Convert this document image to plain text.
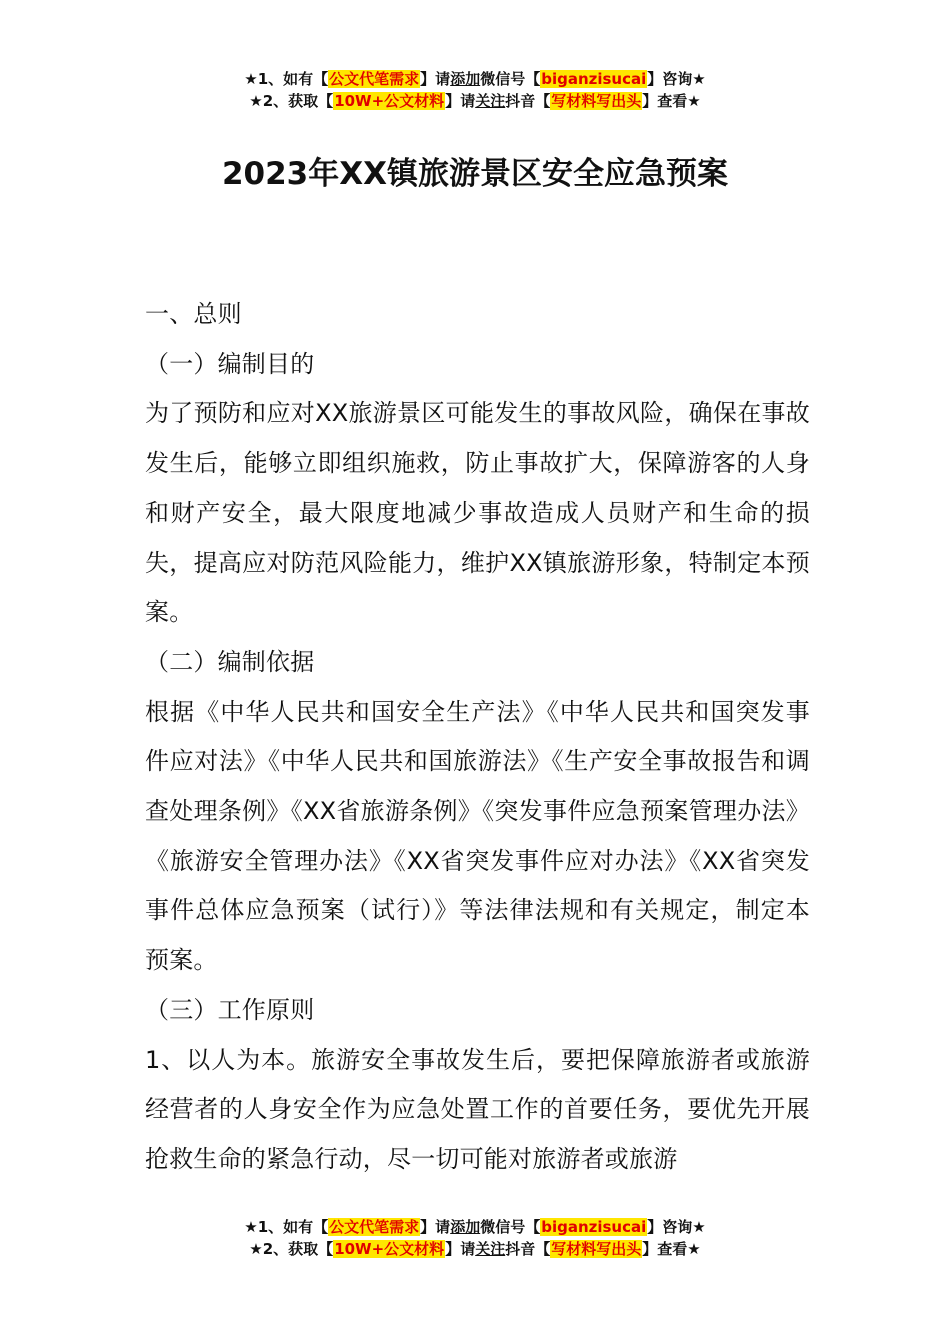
★1、如有【公文代笔需求】请添加微信号【biganzisucai】咨询★
★2、获取【10W+公文材料】请关注抖音【写材料写出头】查看★
2023年XX镇旅游景区安全应急预案

一、总则

（一）编制目的

为了预防和应对XX旅游景区可能发生的事故风险，确保在事故发生后，能够立即组织施救，防止事故扩大，保障游客的人身和财产安全，最大限度地减少事故造成人员财产和生命的损失，提高应对防范风险能力，维护XX镇旅游形象，特制定本预案。

（二）编制依据

根据《中华人民共和国安全生产法》《中华人民共和国突发事件应对法》《中华人民共和国旅游法》《生产安全事故报告和调查处理条例》《XX省旅游条例》《突发事件应急预案管理办法》《旅游安全管理办法》《XX省突发事件应对办法》《XX省突发事件总体应急预案（试行）》等法律法规和有关规定，制定本预案。

（三）工作原则

1、以人为本。旅游安全事故发生后，要把保障旅游者或旅游经营者的人身安全作为应急处置工作的首要任务，要优先开展抢救生命的紧急行动，尽一切可能对旅游者或旅游

★1、如有【公文代笔需求】请添加微信号【biganzisucai】咨询★
★2、获取【10W+公文材料】请关注抖音【写材料写出头】查看★
